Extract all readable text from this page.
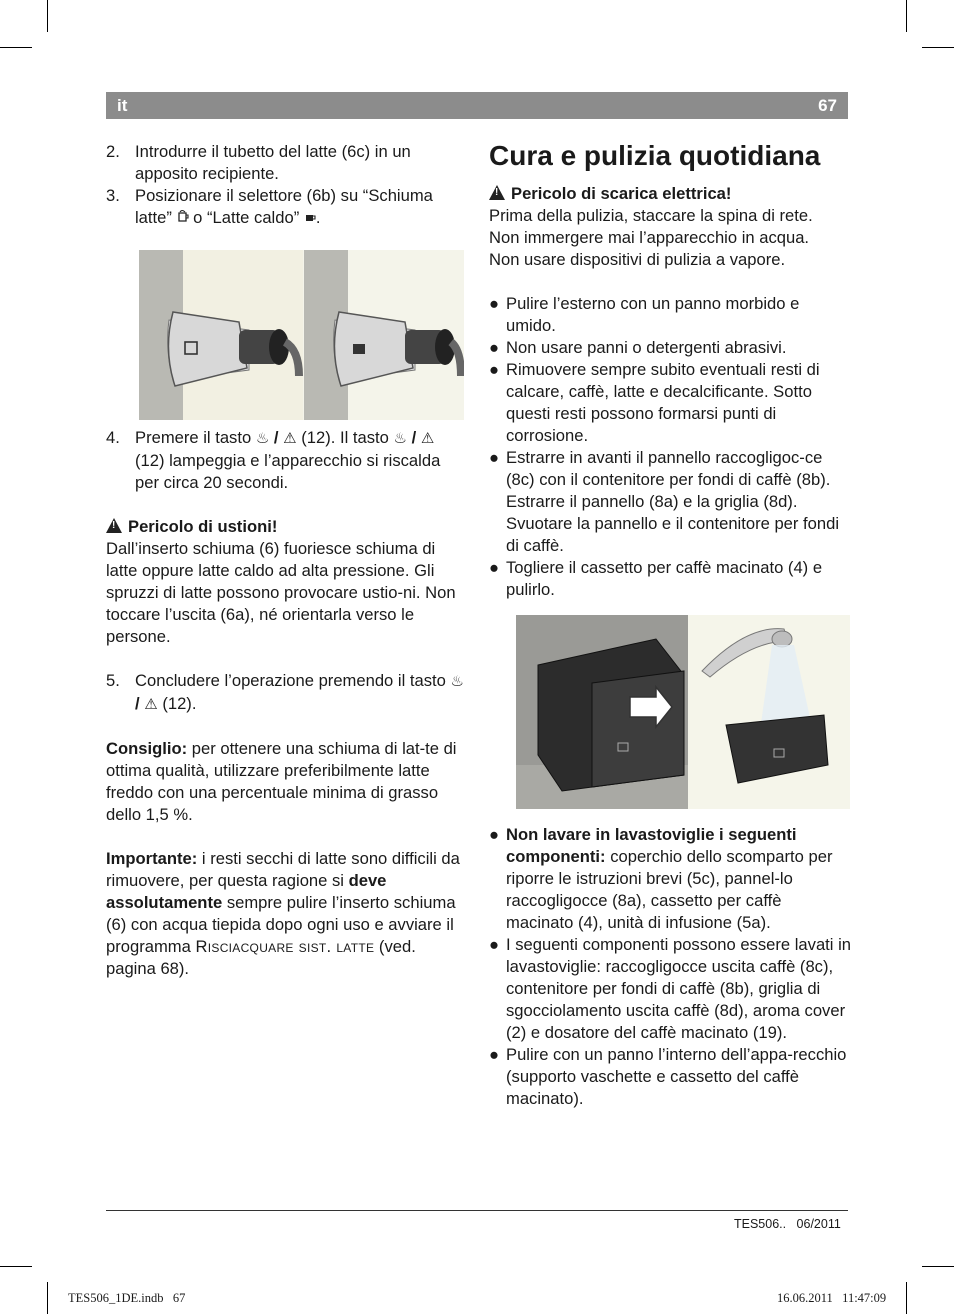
it	67
2. Introdurre il tubetto del latte (6c) in un apposito recipiente.
3. Posizionare il selettore (6b) su “Schiuma latte” o “Latte caldo” .
4. Premere il tasto ♨ / ⚠ (12). Il tasto ♨ / ⚠ (12) lampeggia e l’apparecchio si riscalda per circa 20 secondi.

!Pericolo di ustioni!

Dall’inserto schiuma (6) fuoriesce schiuma di latte oppure latte caldo ad alta pressione. Gli spruzzi di latte possono provocare ustio-ni. Non toccare l’uscita (6a), né orientarla verso le persone.

5. Concludere l’operazione premendo il tasto ♨ / ⚠ (12).

Consiglio: per ottenere una schiuma di lat-te di ottima qualità, utilizzare preferibilmente latte freddo con una percentuale minima di grasso dello 1,5 %.

Importante: i resti secchi di latte sono difficili da rimuovere, per questa ragione si deve assolutamente sempre pulire l’inserto schiuma (6) con acqua tiepida dopo ogni uso e avviare il programma Risciacquare sist. latte (ved. pagina 68).

Cura e pulizia quotidiana

!Pericolo di scarica elettrica!

Prima della pulizia, staccare la spina di rete.

Non immergere mai l’apparecchio in acqua.

Non usare dispositivi di pulizia a vapore.

● Pulire l’esterno con un panno morbido e umido.
● Non usare panni o detergenti abrasivi.
● Rimuovere sempre subito eventuali resti di calcare, caffè, latte e decalcificante. Sotto questi resti possono formarsi punti di corrosione.
● Estrarre in avanti il pannello raccogligoc-ce (8c) con il contenitore per fondi di caffè (8b). Estrarre il pannello (8a) e la griglia (8d). Svuotare la pannello e il contenitore per fondi di caffè.
● Togliere il cassetto per caffè macinato (4) e pulirlo.
● Non lavare in lavastoviglie i seguenti componenti: coperchio dello scomparto per riporre le istruzioni brevi (5c), pannel-lo raccogligocce (8a), cassetto per caffè macinato (4), unità di infusione (5a).
● I seguenti componenti possono essere lavati in lavastoviglie: raccogligocce uscita caffè (8c), contenitore per fondi di caffè (8b), griglia di sgocciolamento uscita caffè (8d), aroma cover (2) e dosatore del caffè macinato (19).
● Pulire con un panno l’interno dell’appa-recchio (supporto vaschette e cassetto del caffè macinato).
TES506.. 06/2011
TES506_1DE.indb   67	16.06.2011   11:47:09
